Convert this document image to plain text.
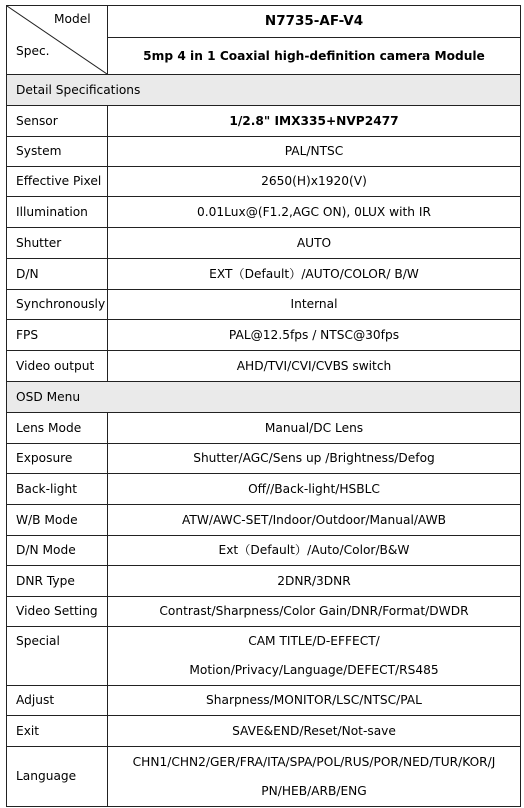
Model
Spec.	N7735-AF-V4
	5mp 4 in 1 Coaxial high-definition camera Module
Detail Specifications	
Sensor	1/2.8" IMX335+NVP2477
System	PAL/NTSC
Effective Pixel	2650(H)x1920(V)
Illumination	0.01Lux@(F1.2,AGC ON), 0LUX with IR
Shutter	AUTO
D/N	EXT（Default）/AUTO/COLOR/ B/W
Synchronously	Internal
FPS	PAL@12.5fps / NTSC@30fps
Video output	AHD/TVI/CVI/CVBS switch
OSD Menu	
Lens Mode	Manual/DC Lens
Exposure	Shutter/AGC/Sens up /Brightness/Defog
Back-light	Off//Back-light/HSBLC
W/B Mode	ATW/AWC-SET/Indoor/Outdoor/Manual/AWB
D/N Mode	Ext（Default）/Auto/Color/B&W
DNR Type	2DNR/3DNR
Video Setting	Contrast/Sharpness/Color Gain/DNR/Format/DWDR
Special	CAM TITLE/D-EFFECT/
Motion/Privacy/Language/DEFECT/RS485

Adjust	Sharpness/MONITOR/LSC/NTSC/PAL
Exit	SAVE&END/Reset/Not-save
Language	CHN1/CHN2/GER/FRA/ITA/SPA/POL/RUS/POR/NED/TUR/KOR/J
PN/HEB/ARB/ENG
